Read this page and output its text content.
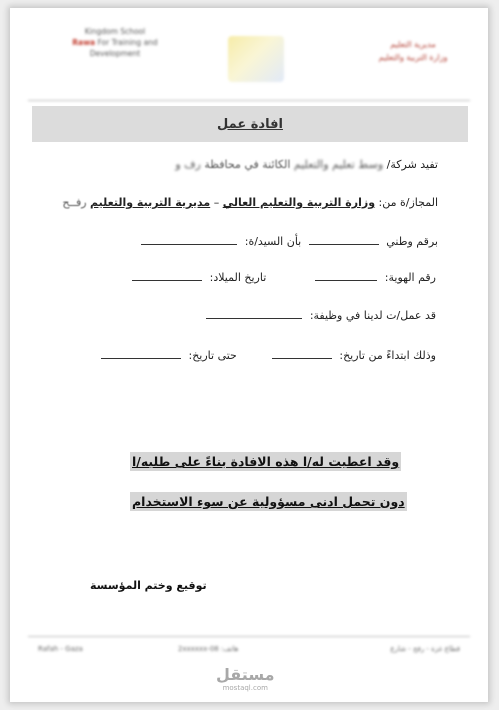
Kingdom School
Rawa For Training and
Development
مديرية التعليم
وزارة التربية والتعليم
افادة عمل
تفيد شركة/ وسط تعليم والتعليم الكائنة في محافظة رف و
المجاز/ة من: وزارة التربية والتعليم العالي – مديرية التربية والتعليم رفــح
برقم وطني  بأن السيد/ة:
رقم الهوية:   تاريخ الميلاد:
قد عمل/ت لدينا في وظيفة:
وذلك ابتداءً من تاريخ:   حتى تاريخ:
وقد اعطيت له/ا هذه الافادة بناءً على طلبه/ا
دون تحمل ادنى مسؤولية عن سوء الاستخدام
توقيع وختم المؤسسة
قطاع غزة - رفح - شارع
هاتف: 08-2xxxxxx
Rafah - Gaza
مستقل
mostaql.com
